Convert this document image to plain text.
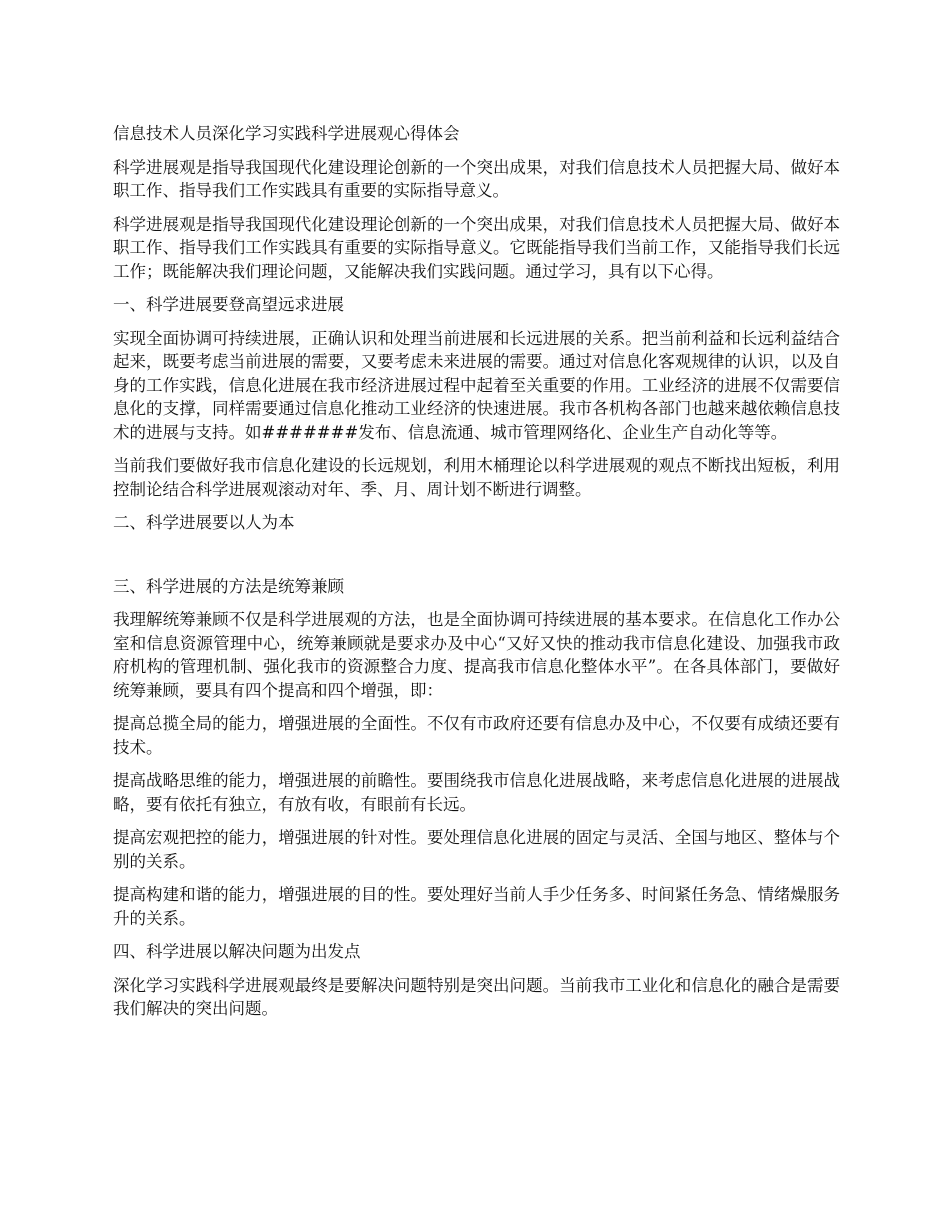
信息技术人员深化学习实践科学进展观心得体会

科学进展观是指导我国现代化建设理论创新的一个突出成果，对我们信息技术人员把握大局、做好本职工作、指导我们工作实践具有重要的实际指导意义。

科学进展观是指导我国现代化建设理论创新的一个突出成果，对我们信息技术人员把握大局、做好本职工作、指导我们工作实践具有重要的实际指导意义。它既能指导我们当前工作，又能指导我们长远工作；既能解决我们理论问题，又能解决我们实践问题。通过学习，具有以下心得。

一、科学进展要登高望远求进展

实现全面协调可持续进展，正确认识和处理当前进展和长远进展的关系。把当前利益和长远利益结合起来，既要考虑当前进展的需要，又要考虑未来进展的需要。通过对信息化客观规律的认识，以及自身的工作实践，信息化进展在我市经济进展过程中起着至关重要的作用。工业经济的进展不仅需要信息化的支撑，同样需要通过信息化推动工业经济的快速进展。我市各机构各部门也越来越依赖信息技术的进展与支持。如#######发布、信息流通、城市管理网络化、企业生产自动化等等。

当前我们要做好我市信息化建设的长远规划，利用木桶理论以科学进展观的观点不断找出短板，利用控制论结合科学进展观滚动对年、季、月、周计划不断进行调整。

二、科学进展要以人为本

三、科学进展的方法是统筹兼顾

我理解统筹兼顾不仅是科学进展观的方法，也是全面协调可持续进展的基本要求。在信息化工作办公室和信息资源管理中心，统筹兼顾就是要求办及中心“又好又快的推动我市信息化建设、加强我市政府机构的管理机制、强化我市的资源整合力度、提高我市信息化整体水平”。在各具体部门，要做好统筹兼顾，要具有四个提高和四个增强，即：

提高总揽全局的能力，增强进展的全面性。不仅有市政府还要有信息办及中心，不仅要有成绩还要有技术。

提高战略思维的能力，增强进展的前瞻性。要围绕我市信息化进展战略，来考虑信息化进展的进展战略，要有依托有独立，有放有收，有眼前有长远。

提高宏观把控的能力，增强进展的针对性。要处理信息化进展的固定与灵活、全国与地区、整体与个别的关系。

提高构建和谐的能力，增强进展的目的性。要处理好当前人手少任务多、时间紧任务急、情绪燥服务升的关系。

四、科学进展以解决问题为出发点

深化学习实践科学进展观最终是要解决问题特别是突出问题。当前我市工业化和信息化的融合是需要我们解决的突出问题。
